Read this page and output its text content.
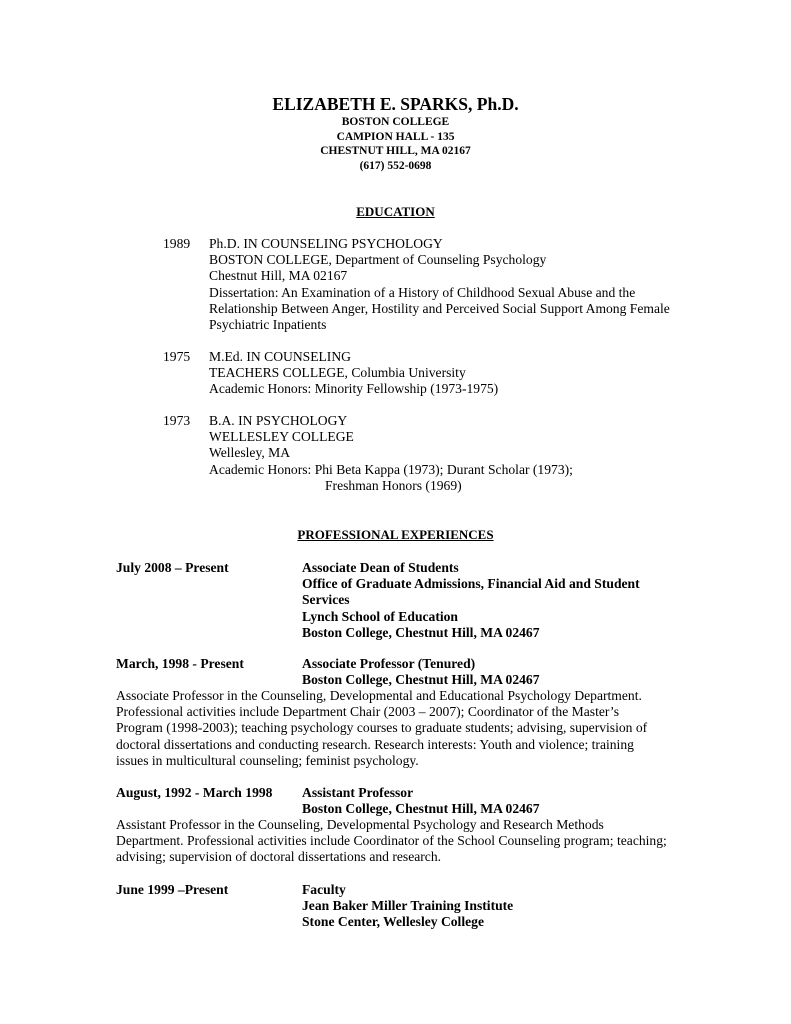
ELIZABETH E. SPARKS, Ph.D.
BOSTON COLLEGE
CAMPION HALL - 135
CHESTNUT HILL, MA 02167
(617) 552-0698
EDUCATION
1989 Ph.D. IN COUNSELING PSYCHOLOGY
BOSTON COLLEGE, Department of Counseling Psychology
Chestnut Hill, MA 02167
Dissertation: An Examination of a History of Childhood Sexual Abuse and the
Relationship Between Anger, Hostility and Perceived Social Support Among Female
Psychiatric Inpatients
1975 M.Ed. IN COUNSELING
TEACHERS COLLEGE, Columbia University
Academic Honors: Minority Fellowship (1973-1975)
1973 B.A. IN PSYCHOLOGY
WELLESLEY COLLEGE
Wellesley, MA
Academic Honors: Phi Beta Kappa (1973); Durant Scholar (1973);
Freshman Honors (1969)
PROFESSIONAL EXPERIENCES
July 2008 – Present	Associate Dean of Students
Office of Graduate Admissions, Financial Aid and Student
Services
Lynch School of Education
Boston College, Chestnut Hill, MA 02467
March, 1998 - Present	Associate Professor (Tenured)
Boston College, Chestnut Hill, MA 02467
Associate Professor in the Counseling, Developmental and Educational Psychology Department.
Professional activities include Department Chair (2003 – 2007); Coordinator of the Master’s
Program (1998-2003); teaching psychology courses to graduate students; advising, supervision of
doctoral dissertations and conducting research. Research interests: Youth and violence; training
issues in multicultural counseling; feminist psychology.
August, 1992 - March 1998 Assistant Professor
Boston College, Chestnut Hill, MA 02467
Assistant Professor in the Counseling, Developmental Psychology and Research Methods
Department. Professional activities include Coordinator of the School Counseling program; teaching;
advising; supervision of doctoral dissertations and research.
June 1999 –Present	Faculty
Jean Baker Miller Training Institute
Stone Center, Wellesley College
